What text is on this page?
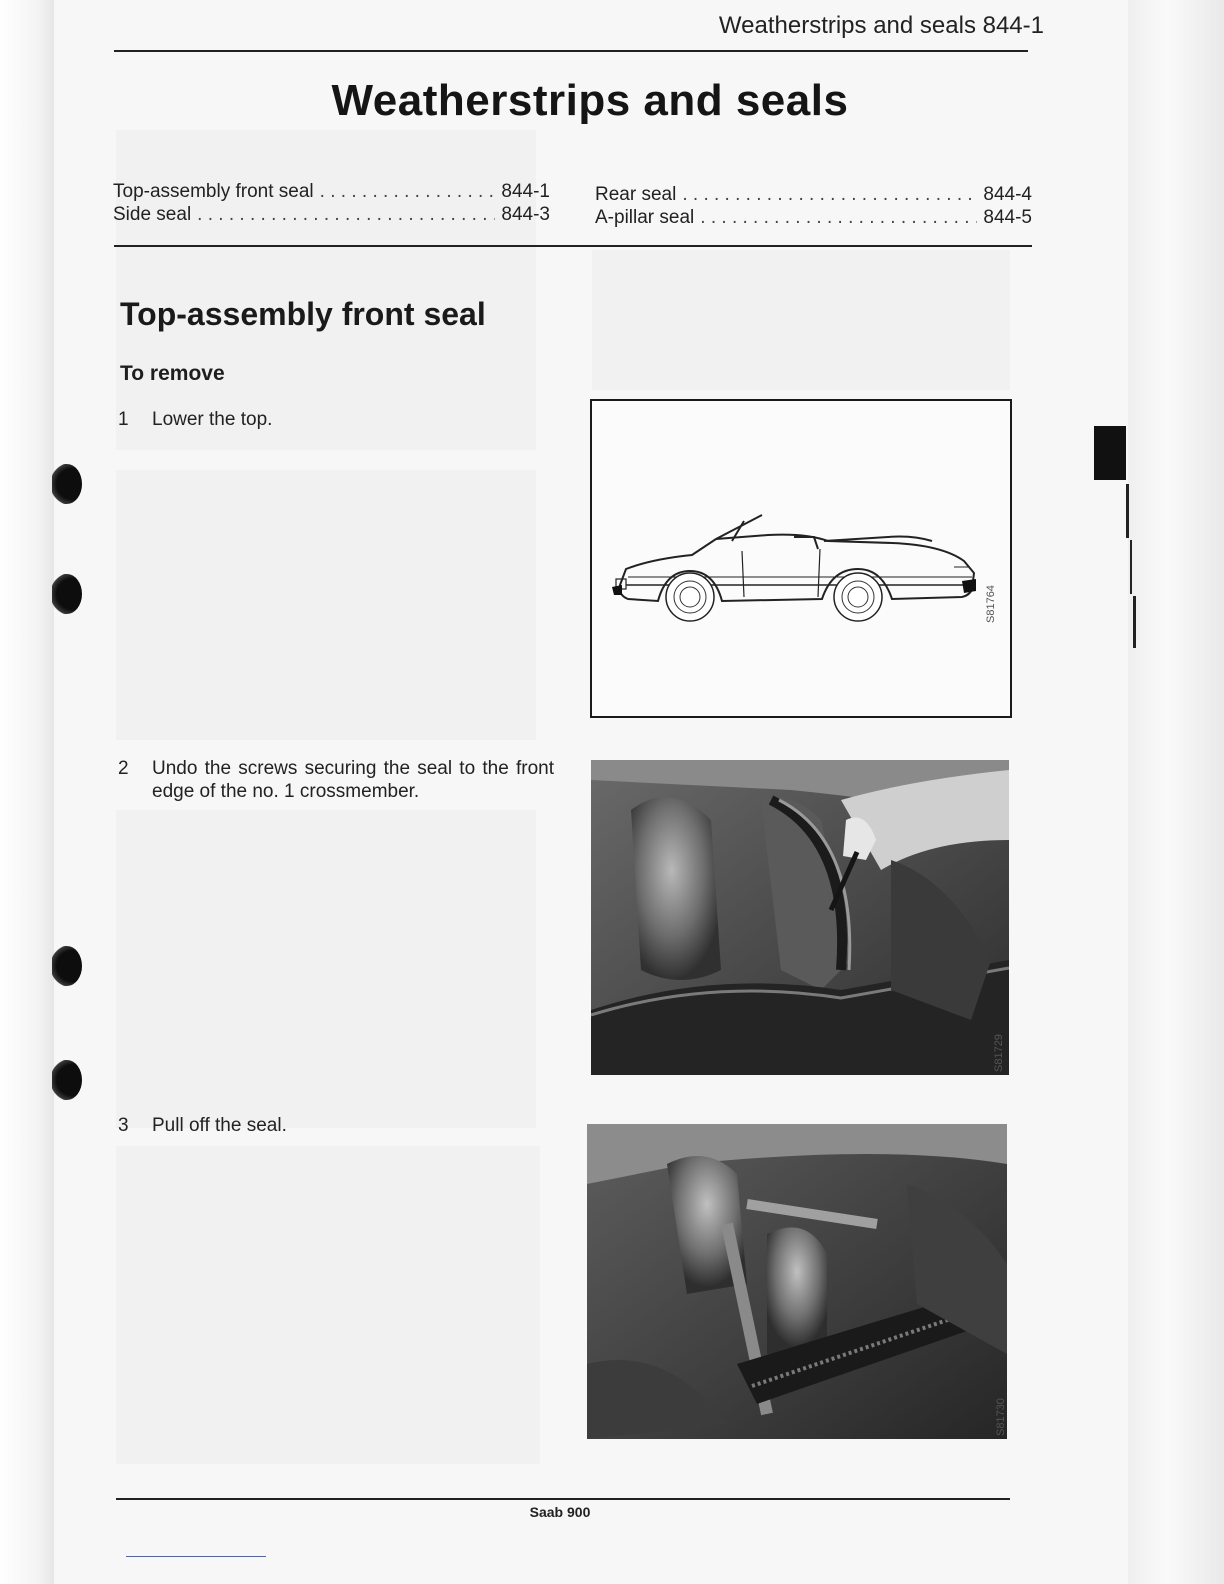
Weatherstrips and seals 844-1
Weatherstrips and seals
Top-assembly front seal . . .	844-1
Side seal . . .	844-3
Rear seal . . .	844-4
A-pillar seal . . .	844-5
Top-assembly front seal
To remove
1	Lower the top.
2	Undo the screws securing the seal to the front edge of the no. 1 crossmember.
3	Pull off the seal.
S81764
S81729
S81730
Saab 900
